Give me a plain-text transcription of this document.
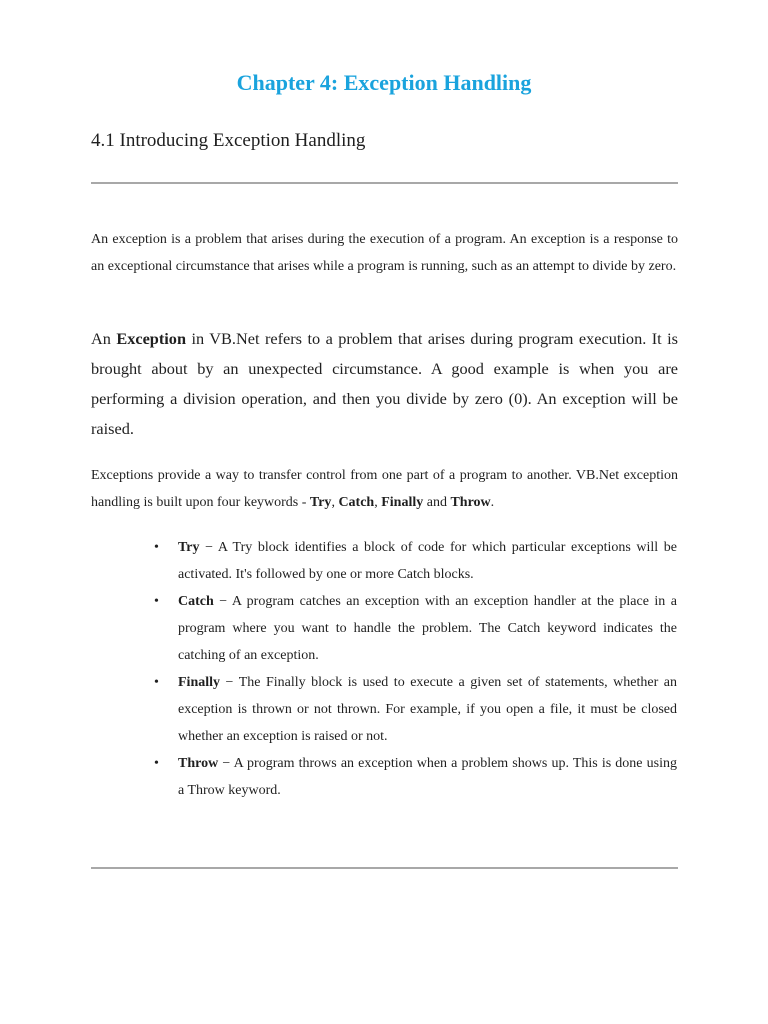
Chapter 4: Exception Handling
4.1 Introducing Exception Handling

An exception is a problem that arises during the execution of a program. An exception is a response to an exceptional circumstance that arises while a program is running, such as an attempt to divide by zero.

An Exception in VB.Net refers to a problem that arises during program execution. It is brought about by an unexpected circumstance. A good example is when you are performing a division operation, and then you divide by zero (0). An exception will be raised.

Exceptions provide a way to transfer control from one part of a program to another. VB.Net exception handling is built upon four keywords - Try, Catch, Finally and Throw.

• Try − A Try block identifies a block of code for which particular exceptions will be activated. It's followed by one or more Catch blocks.
• Catch − A program catches an exception with an exception handler at the place in a program where you want to handle the problem. The Catch keyword indicates the catching of an exception.
• Finally − The Finally block is used to execute a given set of statements, whether an exception is thrown or not thrown. For example, if you open a file, it must be closed whether an exception is raised or not.
• Throw − A program throws an exception when a problem shows up. This is done using a Throw keyword.
